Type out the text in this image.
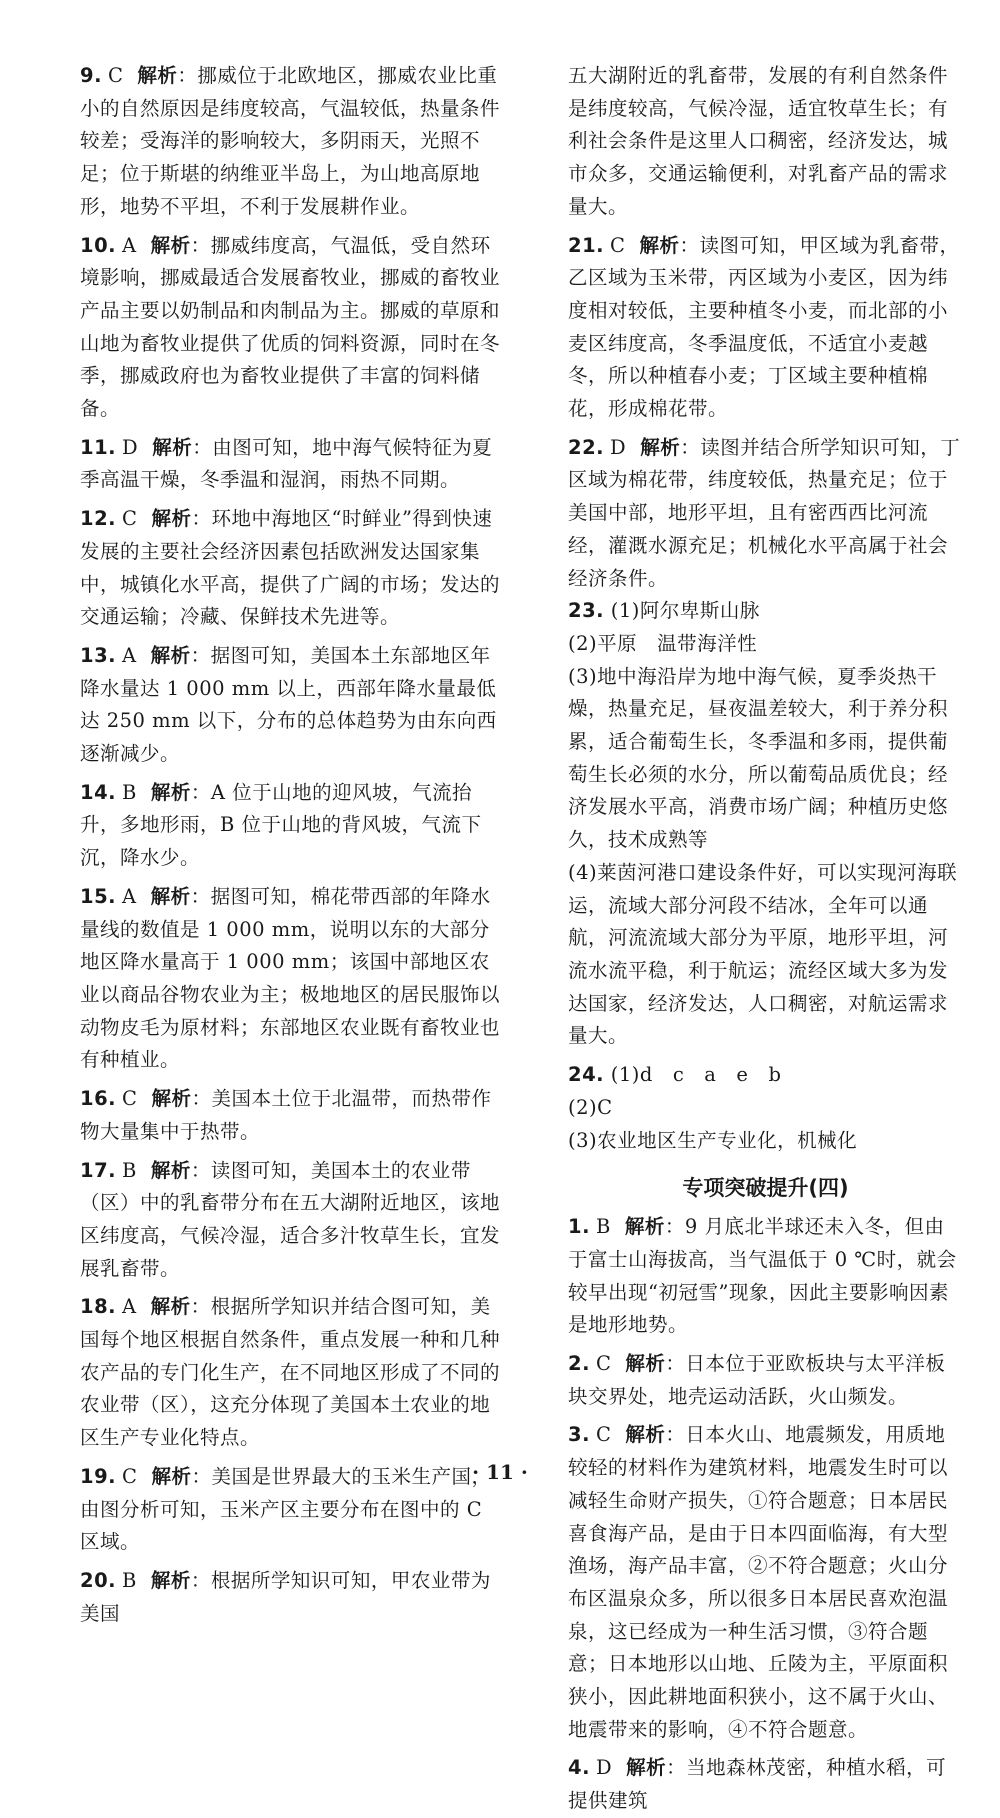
9. C 解析：挪威位于北欧地区，挪威农业比重小的自然原因是纬度较高，气温较低，热量条件较差；受海洋的影响较大，多阴雨天，光照不足；位于斯堪的纳维亚半岛上，为山地高原地形，地势不平坦，不利于发展耕作业。
10. A 解析：挪威纬度高，气温低，受自然环境影响，挪威最适合发展畜牧业，挪威的畜牧业产品主要以奶制品和肉制品为主。挪威的草原和山地为畜牧业提供了优质的饲料资源，同时在冬季，挪威政府也为畜牧业提供了丰富的饲料储备。
11. D 解析：由图可知，地中海气候特征为夏季高温干燥，冬季温和湿润，雨热不同期。
12. C 解析：环地中海地区“时鲜业”得到快速发展的主要社会经济因素包括欧洲发达国家集中，城镇化水平高，提供了广阔的市场；发达的交通运输；冷藏、保鲜技术先进等。
13. A 解析：据图可知，美国本土东部地区年降水量达 1 000 mm 以上，西部年降水量最低达 250 mm 以下，分布的总体趋势为由东向西逐渐减少。
14. B 解析：A 位于山地的迎风坡，气流抬升，多地形雨，B 位于山地的背风坡，气流下沉，降水少。
15. A 解析：据图可知，棉花带西部的年降水量线的数值是 1 000 mm，说明以东的大部分地区降水量高于 1 000 mm；该国中部地区农业以商品谷物农业为主；极地地区的居民服饰以动物皮毛为原材料；东部地区农业既有畜牧业也有种植业。
16. C 解析：美国本土位于北温带，而热带作物大量集中于热带。
17. B 解析：读图可知，美国本土的农业带（区）中的乳畜带分布在五大湖附近地区，该地区纬度高，气候冷湿，适合多汁牧草生长，宜发展乳畜带。
18. A 解析：根据所学知识并结合图可知，美国每个地区根据自然条件，重点发展一种和几种农产品的专门化生产，在不同地区形成了不同的农业带（区），这充分体现了美国本土农业的地区生产专业化特点。
19. C 解析：美国是世界最大的玉米生产国，由图分析可知，玉米产区主要分布在图中的 C 区域。
20. B 解析：根据所学知识可知，甲农业带为美国
五大湖附近的乳畜带，发展的有利自然条件是纬度较高，气候冷湿，适宜牧草生长；有利社会条件是这里人口稠密，经济发达，城市众多，交通运输便利，对乳畜产品的需求量大。
21. C 解析：读图可知，甲区域为乳畜带，乙区域为玉米带，丙区域为小麦区，因为纬度相对较低，主要种植冬小麦，而北部的小麦区纬度高，冬季温度低，不适宜小麦越冬，所以种植春小麦；丁区域主要种植棉花，形成棉花带。
22. D 解析：读图并结合所学知识可知，丁区域为棉花带，纬度较低，热量充足；位于美国中部，地形平坦，且有密西西比河流经，灌溉水源充足；机械化水平高属于社会经济条件。
23. (1)阿尔卑斯山脉
(2)平原　温带海洋性
(3)地中海沿岸为地中海气候，夏季炎热干燥，热量充足，昼夜温差较大，利于养分积累，适合葡萄生长，冬季温和多雨，提供葡萄生长必须的水分，所以葡萄品质优良；经济发展水平高，消费市场广阔；种植历史悠久，技术成熟等
(4)莱茵河港口建设条件好，可以实现河海联运，流域大部分河段不结冰，全年可以通航，河流流域大部分为平原，地形平坦，河流水流平稳，利于航运；流经区域大多为发达国家，经济发达，人口稠密，对航运需求量大。
24. (1)d　c　a　e　b
(2)C
(3)农业地区生产专业化，机械化
专项突破提升(四)
1. B 解析：9 月底北半球还未入冬，但由于富士山海拔高，当气温低于 0 ℃时，就会较早出现“初冠雪”现象，因此主要影响因素是地形地势。
2. C 解析：日本位于亚欧板块与太平洋板块交界处，地壳运动活跃，火山频发。
3. C 解析：日本火山、地震频发，用质地较轻的材料作为建筑材料，地震发生时可以减轻生命财产损失，①符合题意；日本居民喜食海产品，是由于日本四面临海，有大型渔场，海产品丰富，②不符合题意；火山分布区温泉众多，所以很多日本居民喜欢泡温泉，这已经成为一种生活习惯，③符合题意；日本地形以山地、丘陵为主，平原面积狭小，因此耕地面积狭小，这不属于火山、地震带来的影响，④不符合题意。
4. D 解析：当地森林茂密，种植水稻，可提供建筑
· 11 ·
